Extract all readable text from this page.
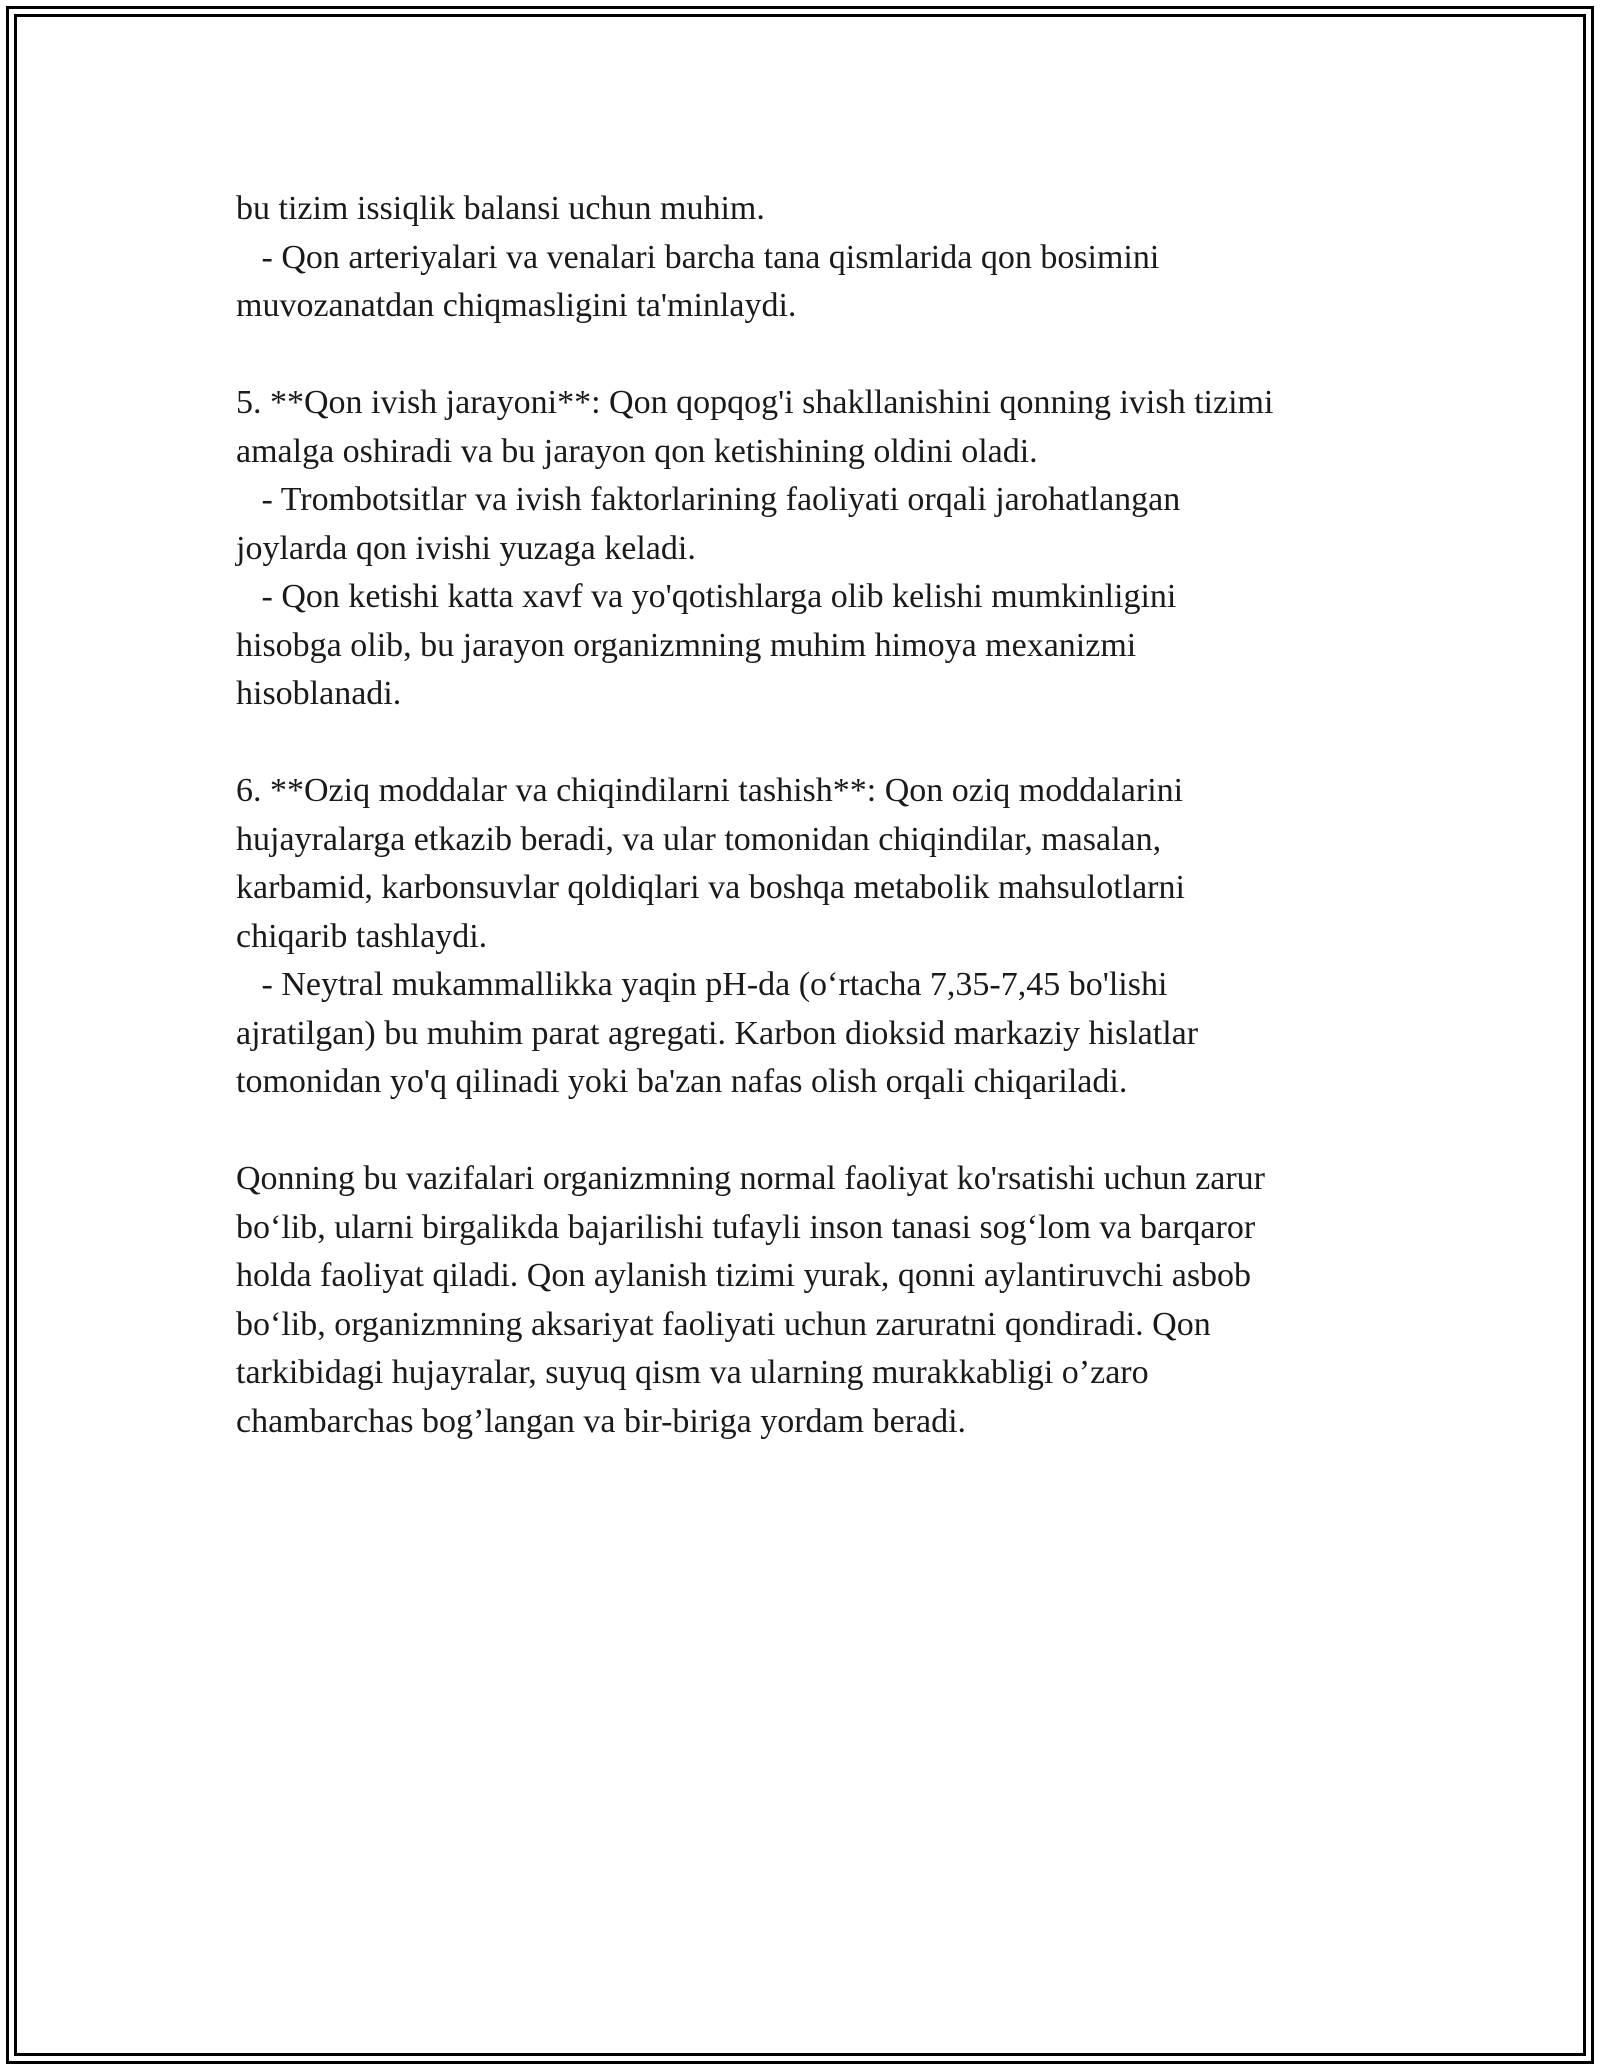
bu tizim issiqlik balansi uchun muhim.
- Qon arteriyalari va venalari barcha tana qismlarida qon bosimini
muvozanatdan chiqmasligini ta'minlaydi.
5. **Qon ivish jarayoni**: Qon qopqog'i shakllanishini qonning ivish tizimi
amalga oshiradi va bu jarayon qon ketishining oldini oladi.
- Trombotsitlar va ivish faktorlarining faoliyati orqali jarohatlangan
joylarda qon ivishi yuzaga keladi.
- Qon ketishi katta xavf va yo'qotishlarga olib kelishi mumkinligini
hisobga olib, bu jarayon organizmning muhim himoya mexanizmi
hisoblanadi.
6. **Oziq moddalar va chiqindilarni tashish**: Qon oziq moddalarini
hujayralarga etkazib beradi, va ular tomonidan chiqindilar, masalan,
karbamid, karbonsuvlar qoldiqlari va boshqa metabolik mahsulotlarni
chiqarib tashlaydi.
- Neytral mukammallikka yaqin pH-da (o‘rtacha 7,35-7,45 bo'lishi
ajratilgan) bu muhim parat agregati. Karbon dioksid markaziy hislatlar
tomonidan yo'q qilinadi yoki ba'zan nafas olish orqali chiqariladi.
Qonning bu vazifalari organizmning normal faoliyat ko'rsatishi uchun zarur
bo‘lib, ularni birgalikda bajarilishi tufayli inson tanasi sog‘lom va barqaror
holda faoliyat qiladi. Qon aylanish tizimi yurak, qonni aylantiruvchi asbob
bo‘lib, organizmning aksariyat faoliyati uchun zaruratni qondiradi. Qon
tarkibidagi hujayralar, suyuq qism va ularning murakkabligi o’zaro
chambarchas bog’langan va bir-biriga yordam beradi.
